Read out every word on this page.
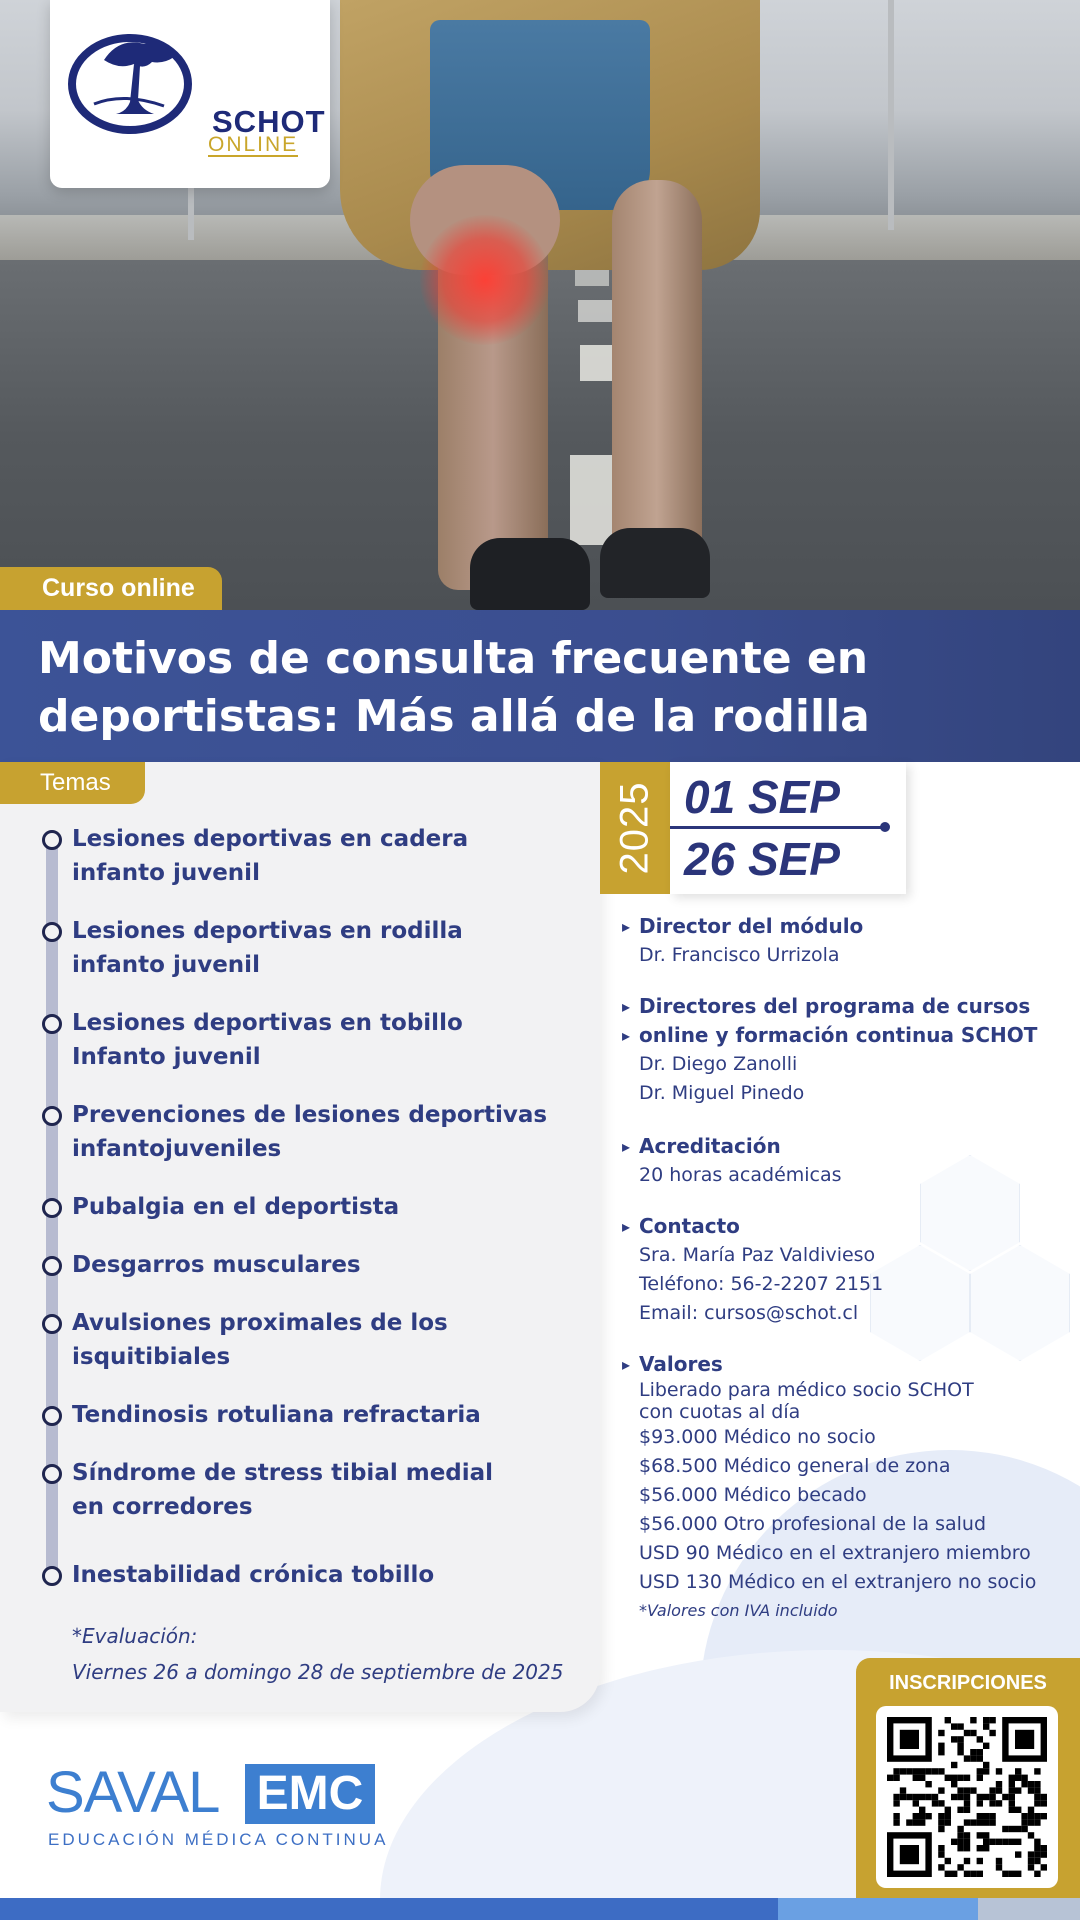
SCHOT
ONLINE
Curso online
Motivos de consulta frecuente en deportistas: Más allá de la rodilla
Temas
Lesiones deportivas en cadera
infanto juvenil
Lesiones deportivas en rodilla
infanto juvenil
Lesiones deportivas en tobillo
Infanto juvenil
Prevenciones de lesiones deportivas
infantojuveniles
Pubalgia en el deportista
Desgarros musculares
Avulsiones proximales de los
isquitibiales
Tendinosis rotuliana refractaria
Síndrome de stress tibial medial
en corredores
Inestabilidad crónica tobillo
*Evaluación:
Viernes 26 a domingo 28 de septiembre de 2025
2025 01 SEP
26 SEP
▸ Director del módulo
Dr. Francisco Urrizola
▸ Directores del programa de cursos
▸ online y formación continua SCHOT
Dr. Diego Zanolli
Dr. Miguel Pinedo
▸ Acreditación
20 horas académicas
▸ Contacto
Sra. María Paz Valdivieso
Teléfono: 56-2-2207 2151
Email: cursos@schot.cl
▸ Valores
Liberado para médico socio SCHOT
con cuotas al día
$93.000 Médico no socio
$68.500 Médico general de zona
$56.000 Médico becado
$56.000 Otro profesional de la salud
USD 90 Médico en el extranjero miembro
USD 130 Médico en el extranjero no socio
*Valores con IVA incluido
SAVAL EMC
EDUCACIÓN MÉDICA CONTINUA
INSCRIPCIONES
